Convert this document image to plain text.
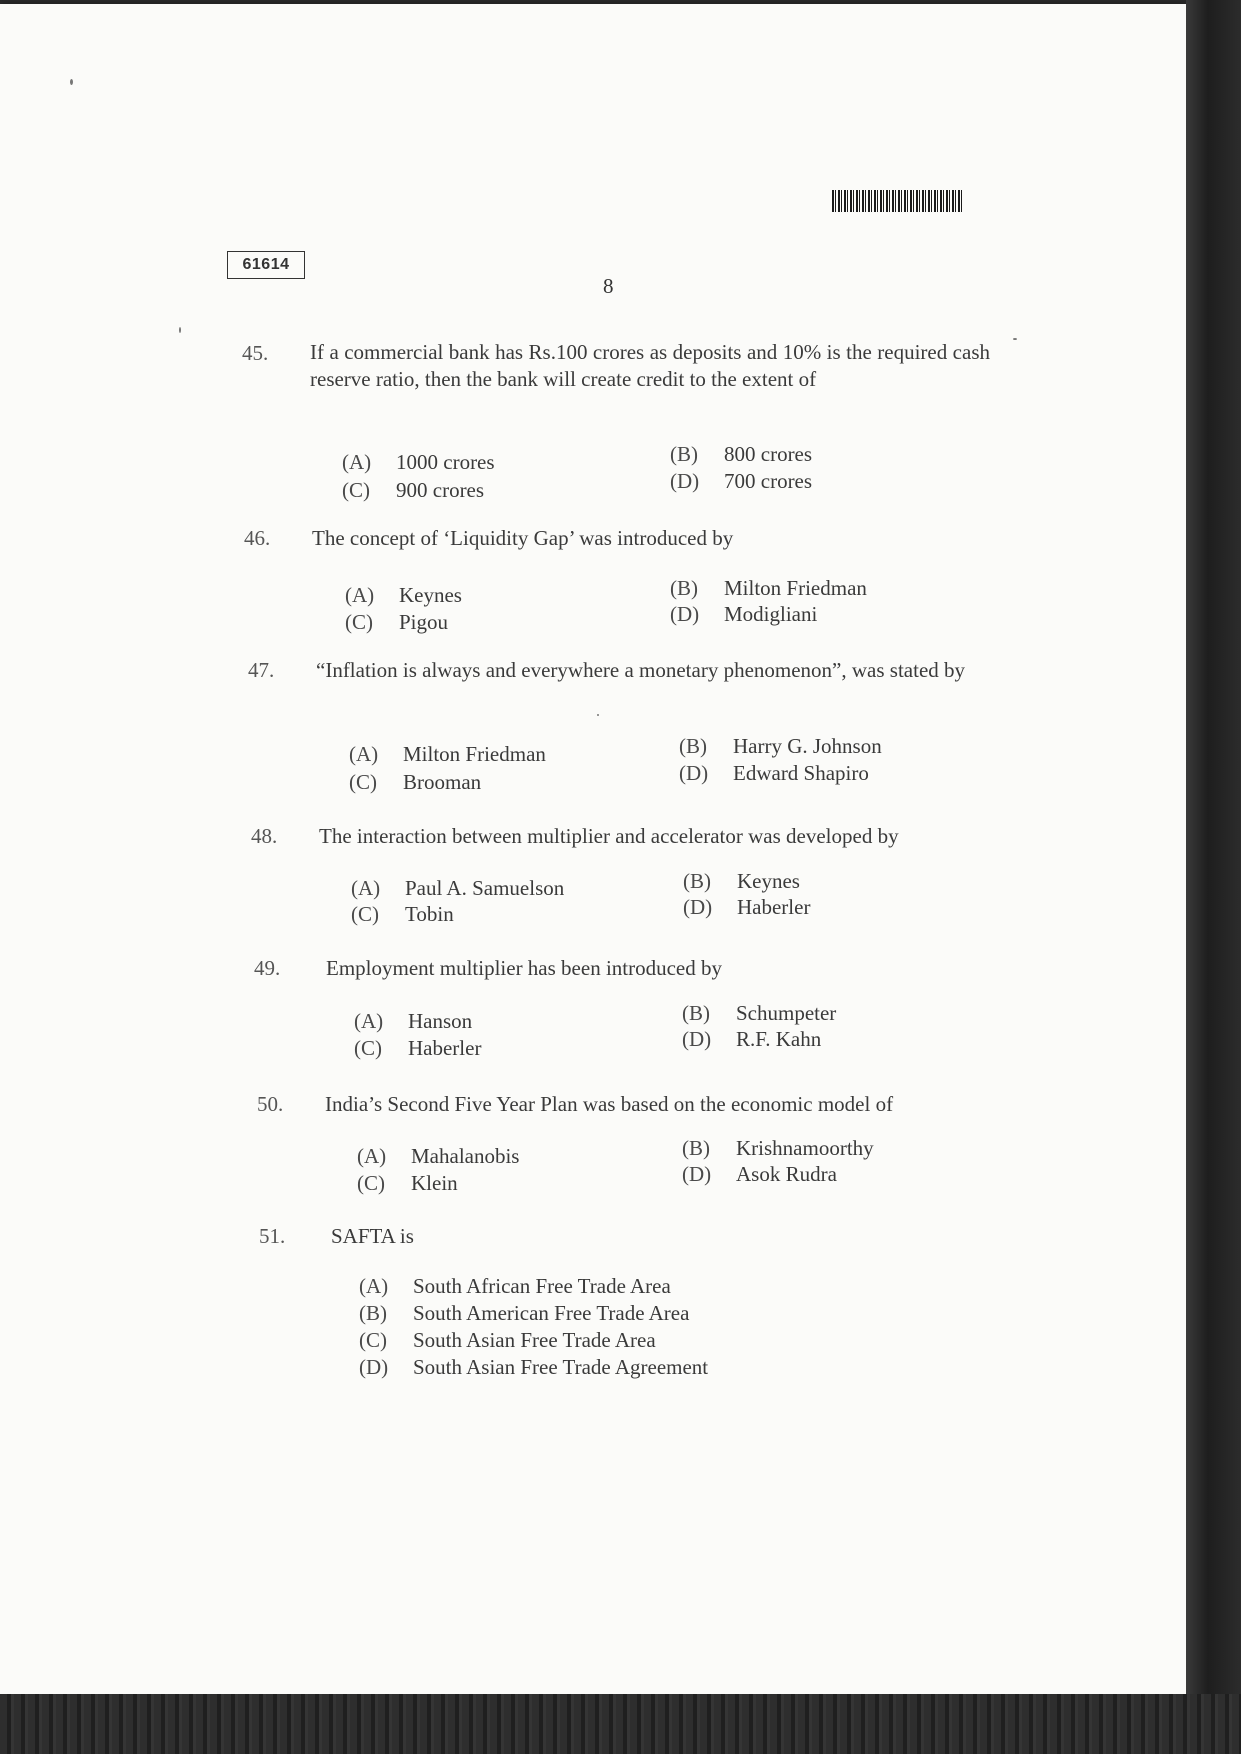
61614
8
45. If a commercial bank has Rs.100 crores as deposits and 10% is the required cash reserve ratio, then the bank will create credit to the extent of
(A) 1000 crores	(B) 800 crores
(C) 900 crores	(D) 700 crores
46. The concept of ‘Liquidity Gap’ was introduced by
(A) Keynes	(B) Milton Friedman
(C) Pigou	(D) Modigliani
47. “Inflation is always and everywhere a monetary phenomenon”, was stated by
(A) Milton Friedman	(B) Harry G. Johnson
(C) Brooman	(D) Edward Shapiro
48. The interaction between multiplier and accelerator was developed by
(A) Paul A. Samuelson	(B) Keynes
(C) Tobin	(D) Haberler
49. Employment multiplier has been introduced by
(A) Hanson	(B) Schumpeter
(C) Haberler	(D) R.F. Kahn
50. India’s Second Five Year Plan was based on the economic model of
(A) Mahalanobis	(B) Krishnamoorthy
(C) Klein	(D) Asok Rudra
51. SAFTA is
(A) South African Free Trade Area
(B) South American Free Trade Area
(C) South Asian Free Trade Area
(D) South Asian Free Trade Agreement
